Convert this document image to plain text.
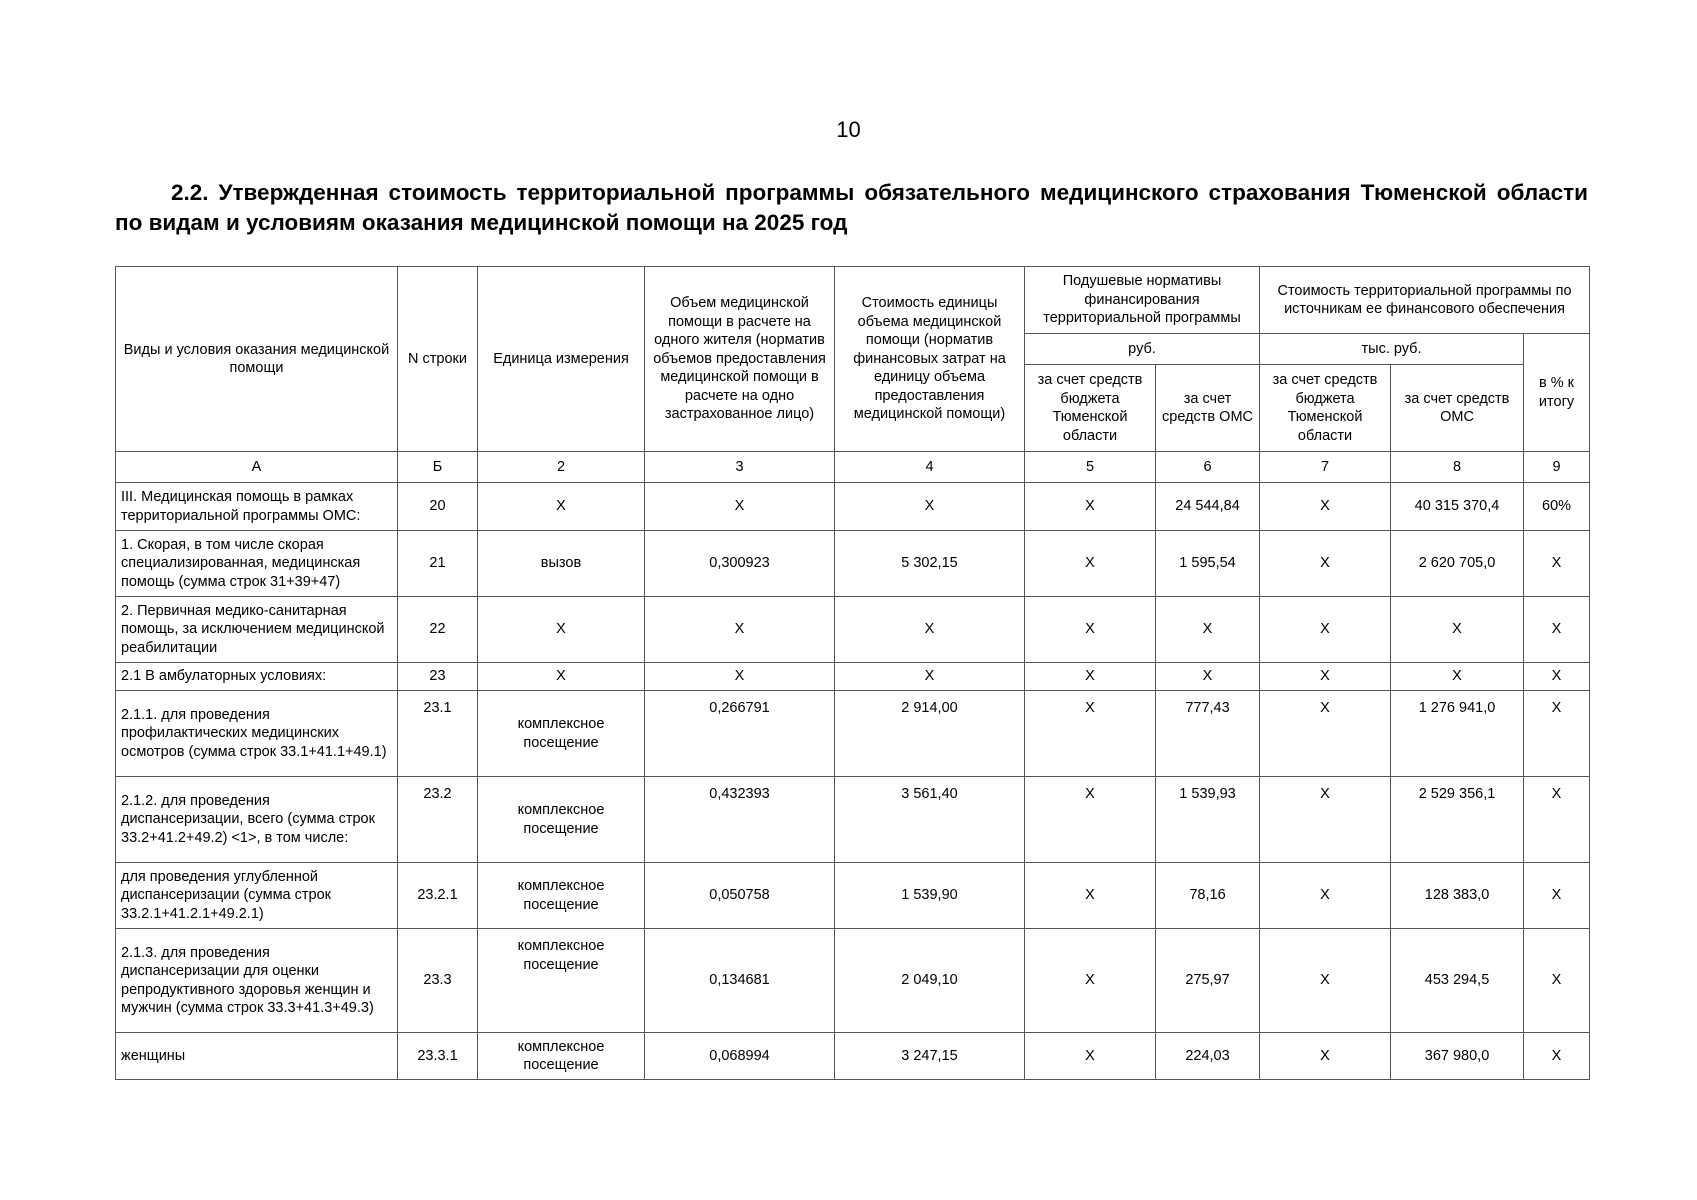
10
2.2. Утвержденная стоимость территориальной программы обязательного медицинского страхования Тюменской области по видам и условиям оказания медицинской помощи на 2025 год
Виды и условия оказания медицинской помощи	N строки	Единица измерения	Объем медицинской помощи в расчете на одного жителя (норматив объемов предоставления медицинской помощи в расчете на одно застрахованное лицо)	Стоимость единицы объема медицинской помощи (норматив финансовых затрат на единицу объема предоставления медицинской помощи)	Подушевые нормативы финансирования территориальной программы		Стоимость территориальной программы по источникам ее финансового обеспечения		
					руб.		тыс. руб.		в % к итогу
					за счет средств бюджета Тюменской области	за счет средств ОМС	за счет средств бюджета Тюменской области	за счет средств ОМС	
А	Б	2	3	4	5	6	7	8	9
III. Медицинская помощь в рамках территориальной программы ОМС:	20	X	X	X	X	24 544,84	X	40 315 370,4	60%
1. Скорая, в том числе скорая специализированная, медицинская помощь (сумма строк 31+39+47)	21	вызов	0,300923	5 302,15	X	1 595,54	X	2 620 705,0	X
2. Первичная медико-санитарная помощь, за исключением медицинской реабилитации	22	X	X	X	X	X	X	X	X
2.1 В амбулаторных условиях:	23	X	X	X	X	X	X	X	X
2.1.1. для проведения профилактических медицинских осмотров (сумма строк 33.1+41.1+49.1)	23.1	комплексное посещение	0,266791	2 914,00	X	777,43	X	1 276 941,0	X
2.1.2. для проведения диспансеризации, всего (сумма строк 33.2+41.2+49.2) <1>, в том числе:	23.2	комплексное посещение	0,432393	3 561,40	X	1 539,93	X	2 529 356,1	X
для проведения углубленной диспансеризации (сумма строк 33.2.1+41.2.1+49.2.1)	23.2.1	комплексное посещение	0,050758	1 539,90	X	78,16	X	128 383,0	X
2.1.3. для проведения диспансеризации для оценки репродуктивного здоровья женщин и мужчин (сумма строк 33.3+41.3+49.3)	23.3	комплексное посещение	0,134681	2 049,10	X	275,97	X	453 294,5	X
женщины	23.3.1	комплексное посещение	0,068994	3 247,15	X	224,03	X	367 980,0	X
